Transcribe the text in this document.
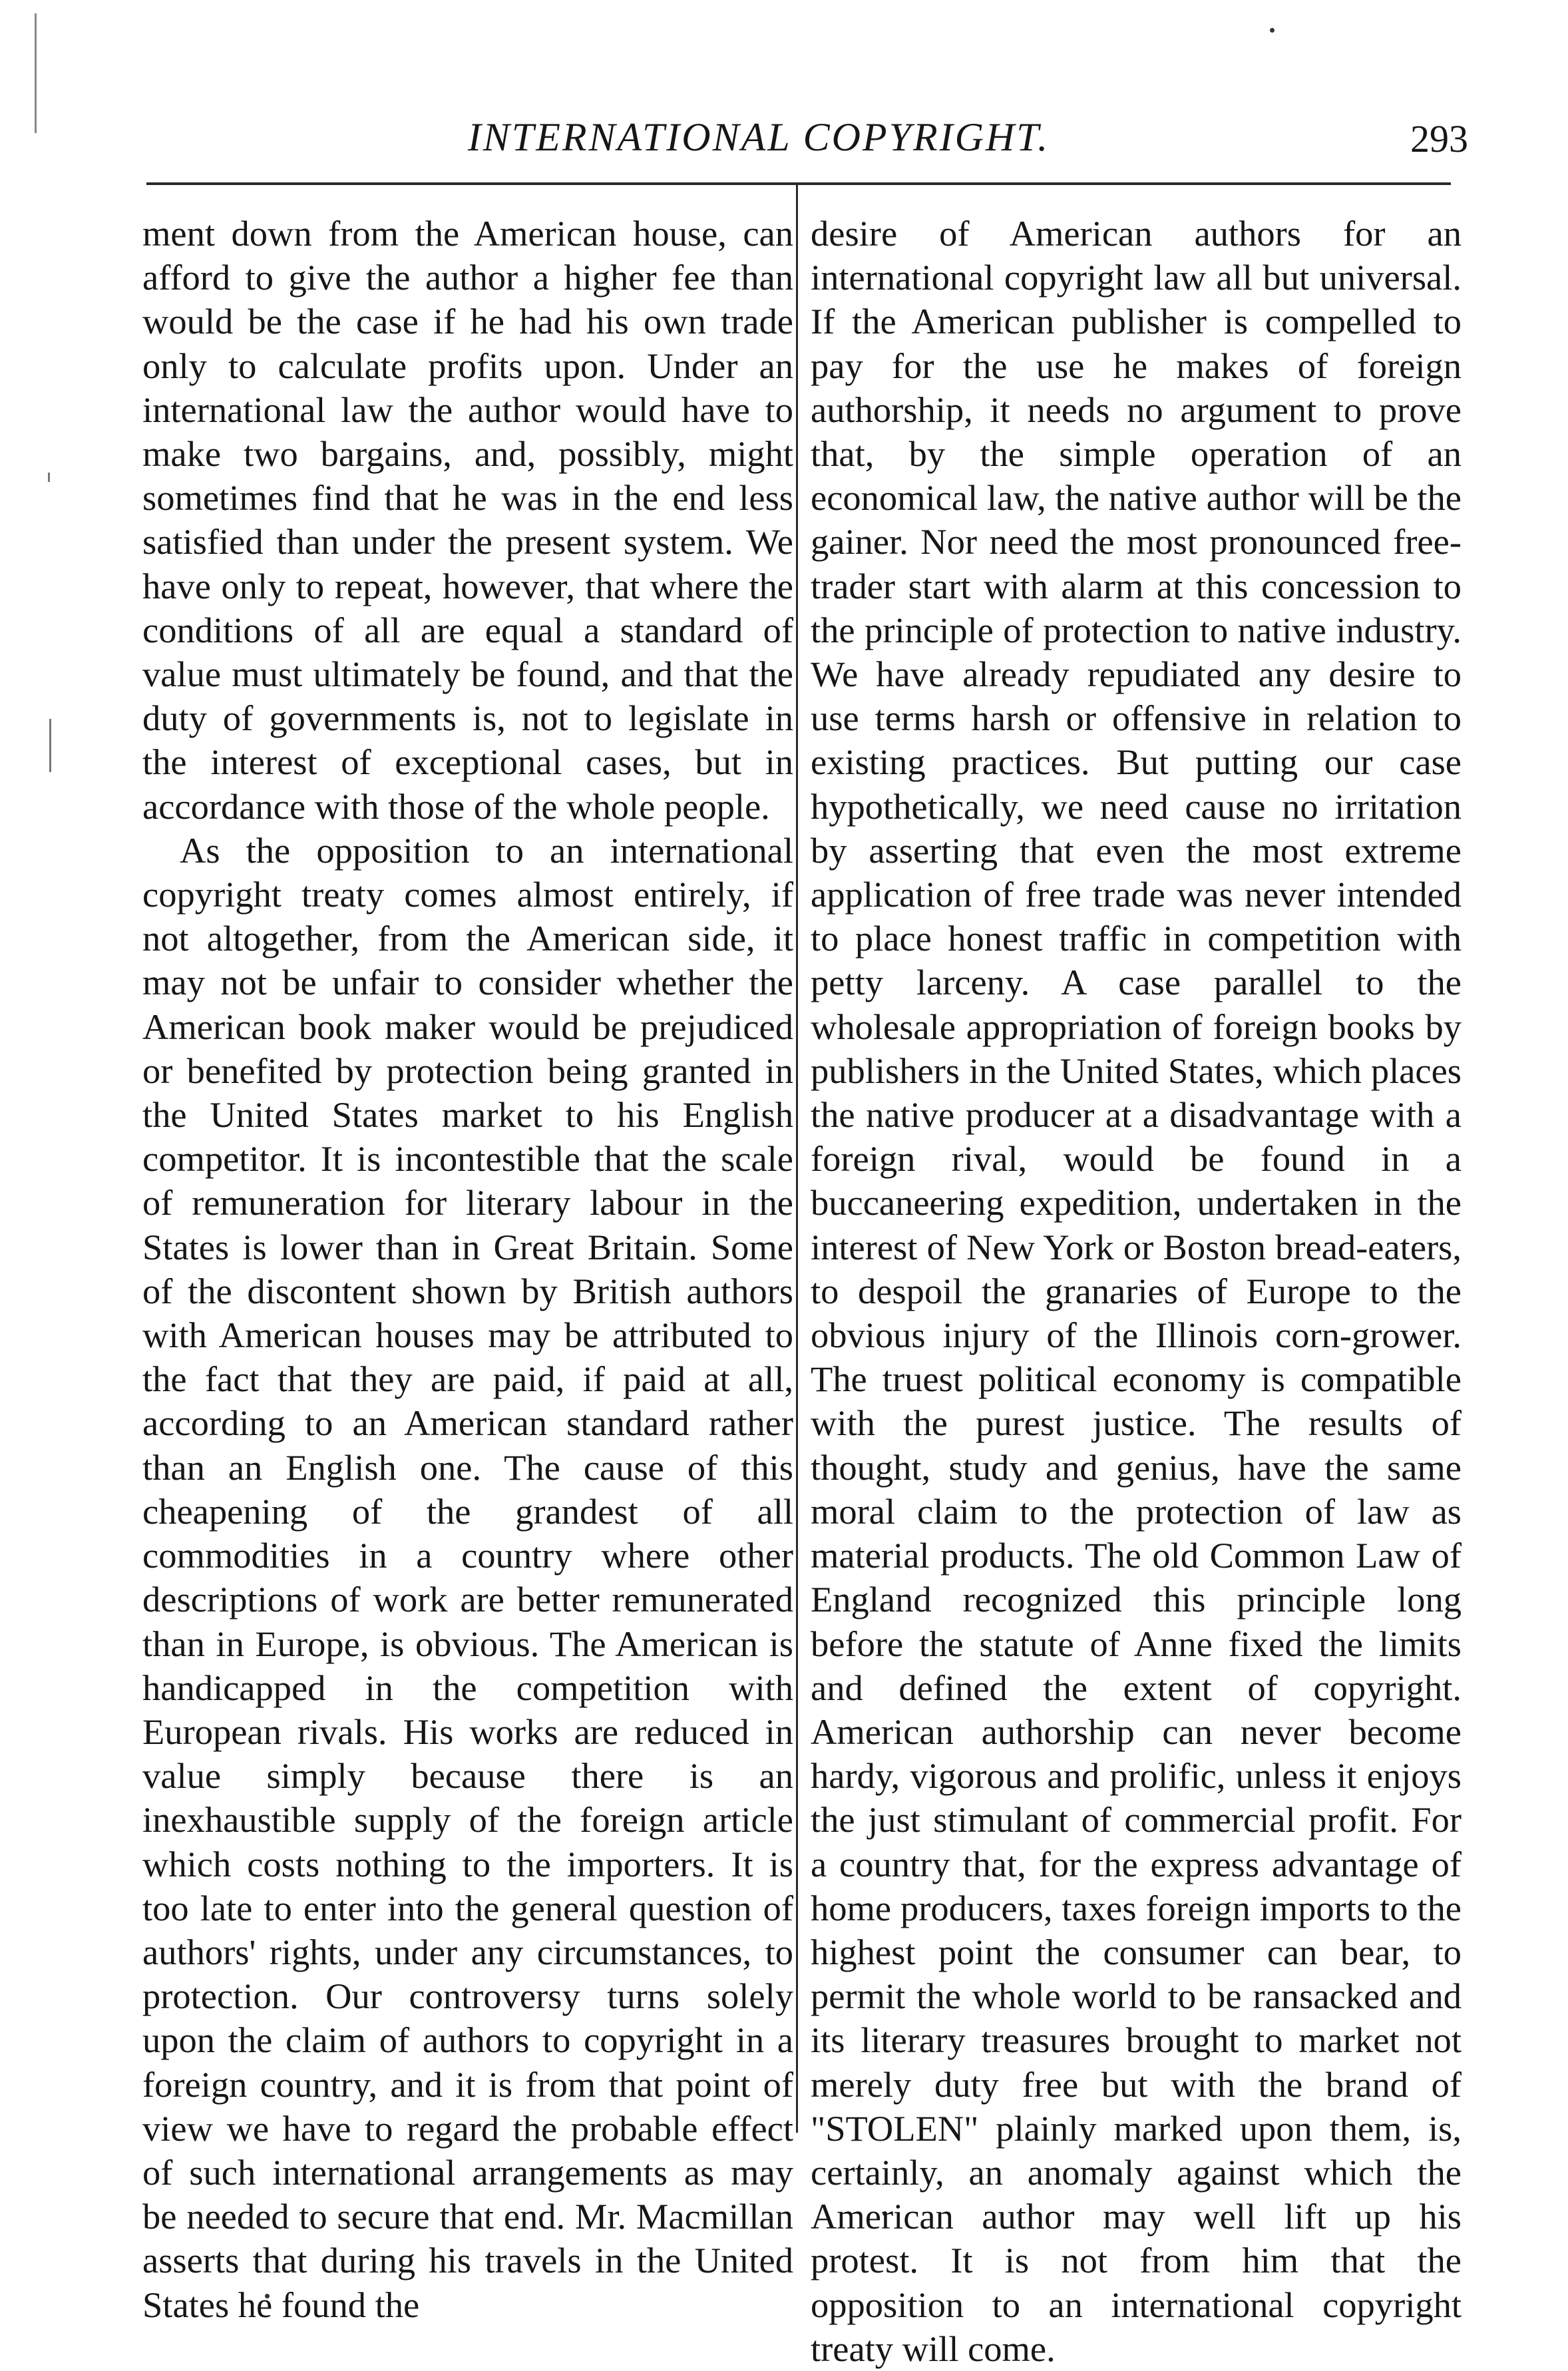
INTERNATIONAL COPYRIGHT.	293

ment down from the American house, can afford to give the author a higher fee than would be the case if he had his own trade only to calculate profits upon. Under an international law the author would have to make two bargains, and, possibly, might sometimes find that he was in the end less satisfied than under the present system. We have only to repeat, however, that where the conditions of all are equal a standard of value must ultimately be found, and that the duty of governments is, not to legislate in the interest of exceptional cases, but in accordance with those of the whole people.

As the opposition to an international copyright treaty comes almost entirely, if not altogether, from the American side, it may not be unfair to consider whether the American book maker would be prejudiced or benefited by protection being granted in the United States market to his English competitor. It is incontestible that the scale of remuneration for literary labour in the States is lower than in Great Britain. Some of the discontent shown by British authors with American houses may be attributed to the fact that they are paid, if paid at all, according to an American standard rather than an English one. The cause of this cheapening of the grandest of all commodities in a country where other descriptions of work are better remunerated than in Europe, is obvious. The American is handicapped in the competition with European rivals. His works are reduced in value simply because there is an inexhaustible supply of the foreign article which costs nothing to the importers. It is too late to enter into the general question of authors' rights, under any circumstances, to protection. Our controversy turns solely upon the claim of authors to copyright in a foreign country, and it is from that point of view we have to regard the probable effect of such international arrangements as may be needed to secure that end. Mr. Macmillan asserts that during his travels in the United States he found the

desire of American authors for an international copyright law all but universal. If the American publisher is compelled to pay for the use he makes of foreign authorship, it needs no argument to prove that, by the simple operation of an economical law, the native author will be the gainer. Nor need the most pronounced free-trader start with alarm at this concession to the principle of protection to native industry. We have already repudiated any desire to use terms harsh or offensive in relation to existing practices. But putting our case hypothetically, we need cause no irritation by asserting that even the most extreme application of free trade was never intended to place honest traffic in competition with petty larceny. A case parallel to the wholesale appropriation of foreign books by publishers in the United States, which places the native producer at a disadvantage with a foreign rival, would be found in a buccaneering expedition, undertaken in the interest of New York or Boston bread-eaters, to despoil the granaries of Europe to the obvious injury of the Illinois corn-grower. The truest political economy is compatible with the purest justice. The results of thought, study and genius, have the same moral claim to the protection of law as material products. The old Common Law of England recognized this principle long before the statute of Anne fixed the limits and defined the extent of copyright. American authorship can never become hardy, vigorous and prolific, unless it enjoys the just stimulant of commercial profit. For a country that, for the express advantage of home producers, taxes foreign imports to the highest point the consumer can bear, to permit the whole world to be ransacked and its literary treasures brought to market not merely duty free but with the brand of "STOLEN" plainly marked upon them, is, certainly, an anomaly against which the American author may well lift up his protest. It is not from him that the opposition to an international copyright treaty will come.
